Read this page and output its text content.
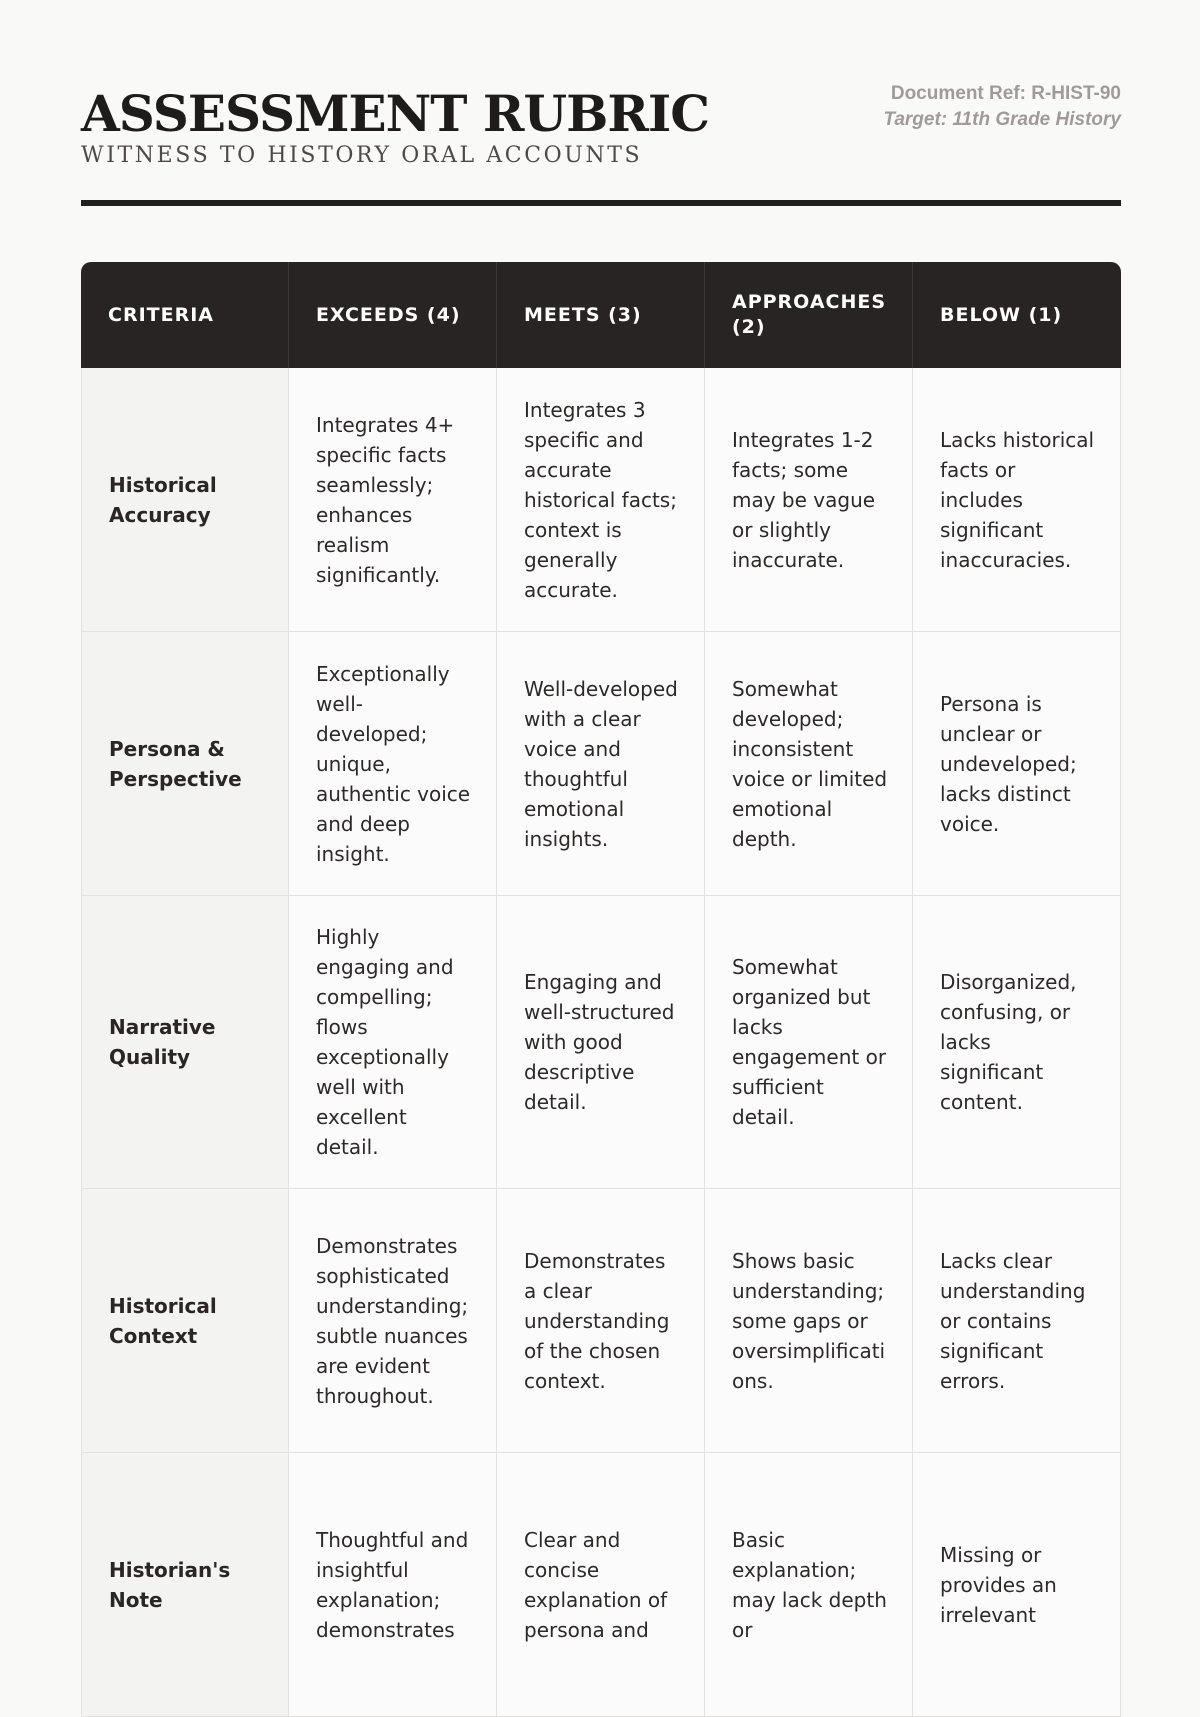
ASSESSMENT RUBRIC
WITNESS TO HISTORY ORAL ACCOUNTS
Document Ref: R-HIST-90
Target: 11th Grade History
CRITERIA	EXCEEDS (4)	MEETS (3)	APPROACHES (2)	BELOW (1)
Historical Accuracy	Integrates 4+ specific facts seamlessly; enhances realism significantly.	Integrates 3 specific and accurate historical facts; context is generally accurate.	Integrates 1-2 facts; some may be vague or slightly inaccurate.	Lacks historical facts or includes significant inaccuracies.
Persona & Perspective	Exceptionally well-developed; unique, authentic voice and deep insight.	Well-developed with a clear voice and thoughtful emotional insights.	Somewhat developed; inconsistent voice or limited emotional depth.	Persona is unclear or undeveloped; lacks distinct voice.
Narrative Quality	Highly engaging and compelling; flows exceptionally well with excellent detail.	Engaging and well-structured with good descriptive detail.	Somewhat organized but lacks engagement or sufficient detail.	Disorganized, confusing, or lacks significant content.
Historical Context	Demonstrates sophisticated understanding; subtle nuances are evident throughout.	Demonstrates a clear understanding of the chosen context.	Shows basic understanding; some gaps or oversimplifications.	Lacks clear understanding or contains significant errors.
Historian's Note	Thoughtful and insightful explanation; demonstrates	Clear and concise explanation of persona and	Basic explanation; may lack depth or	Missing or provides an irrelevant
